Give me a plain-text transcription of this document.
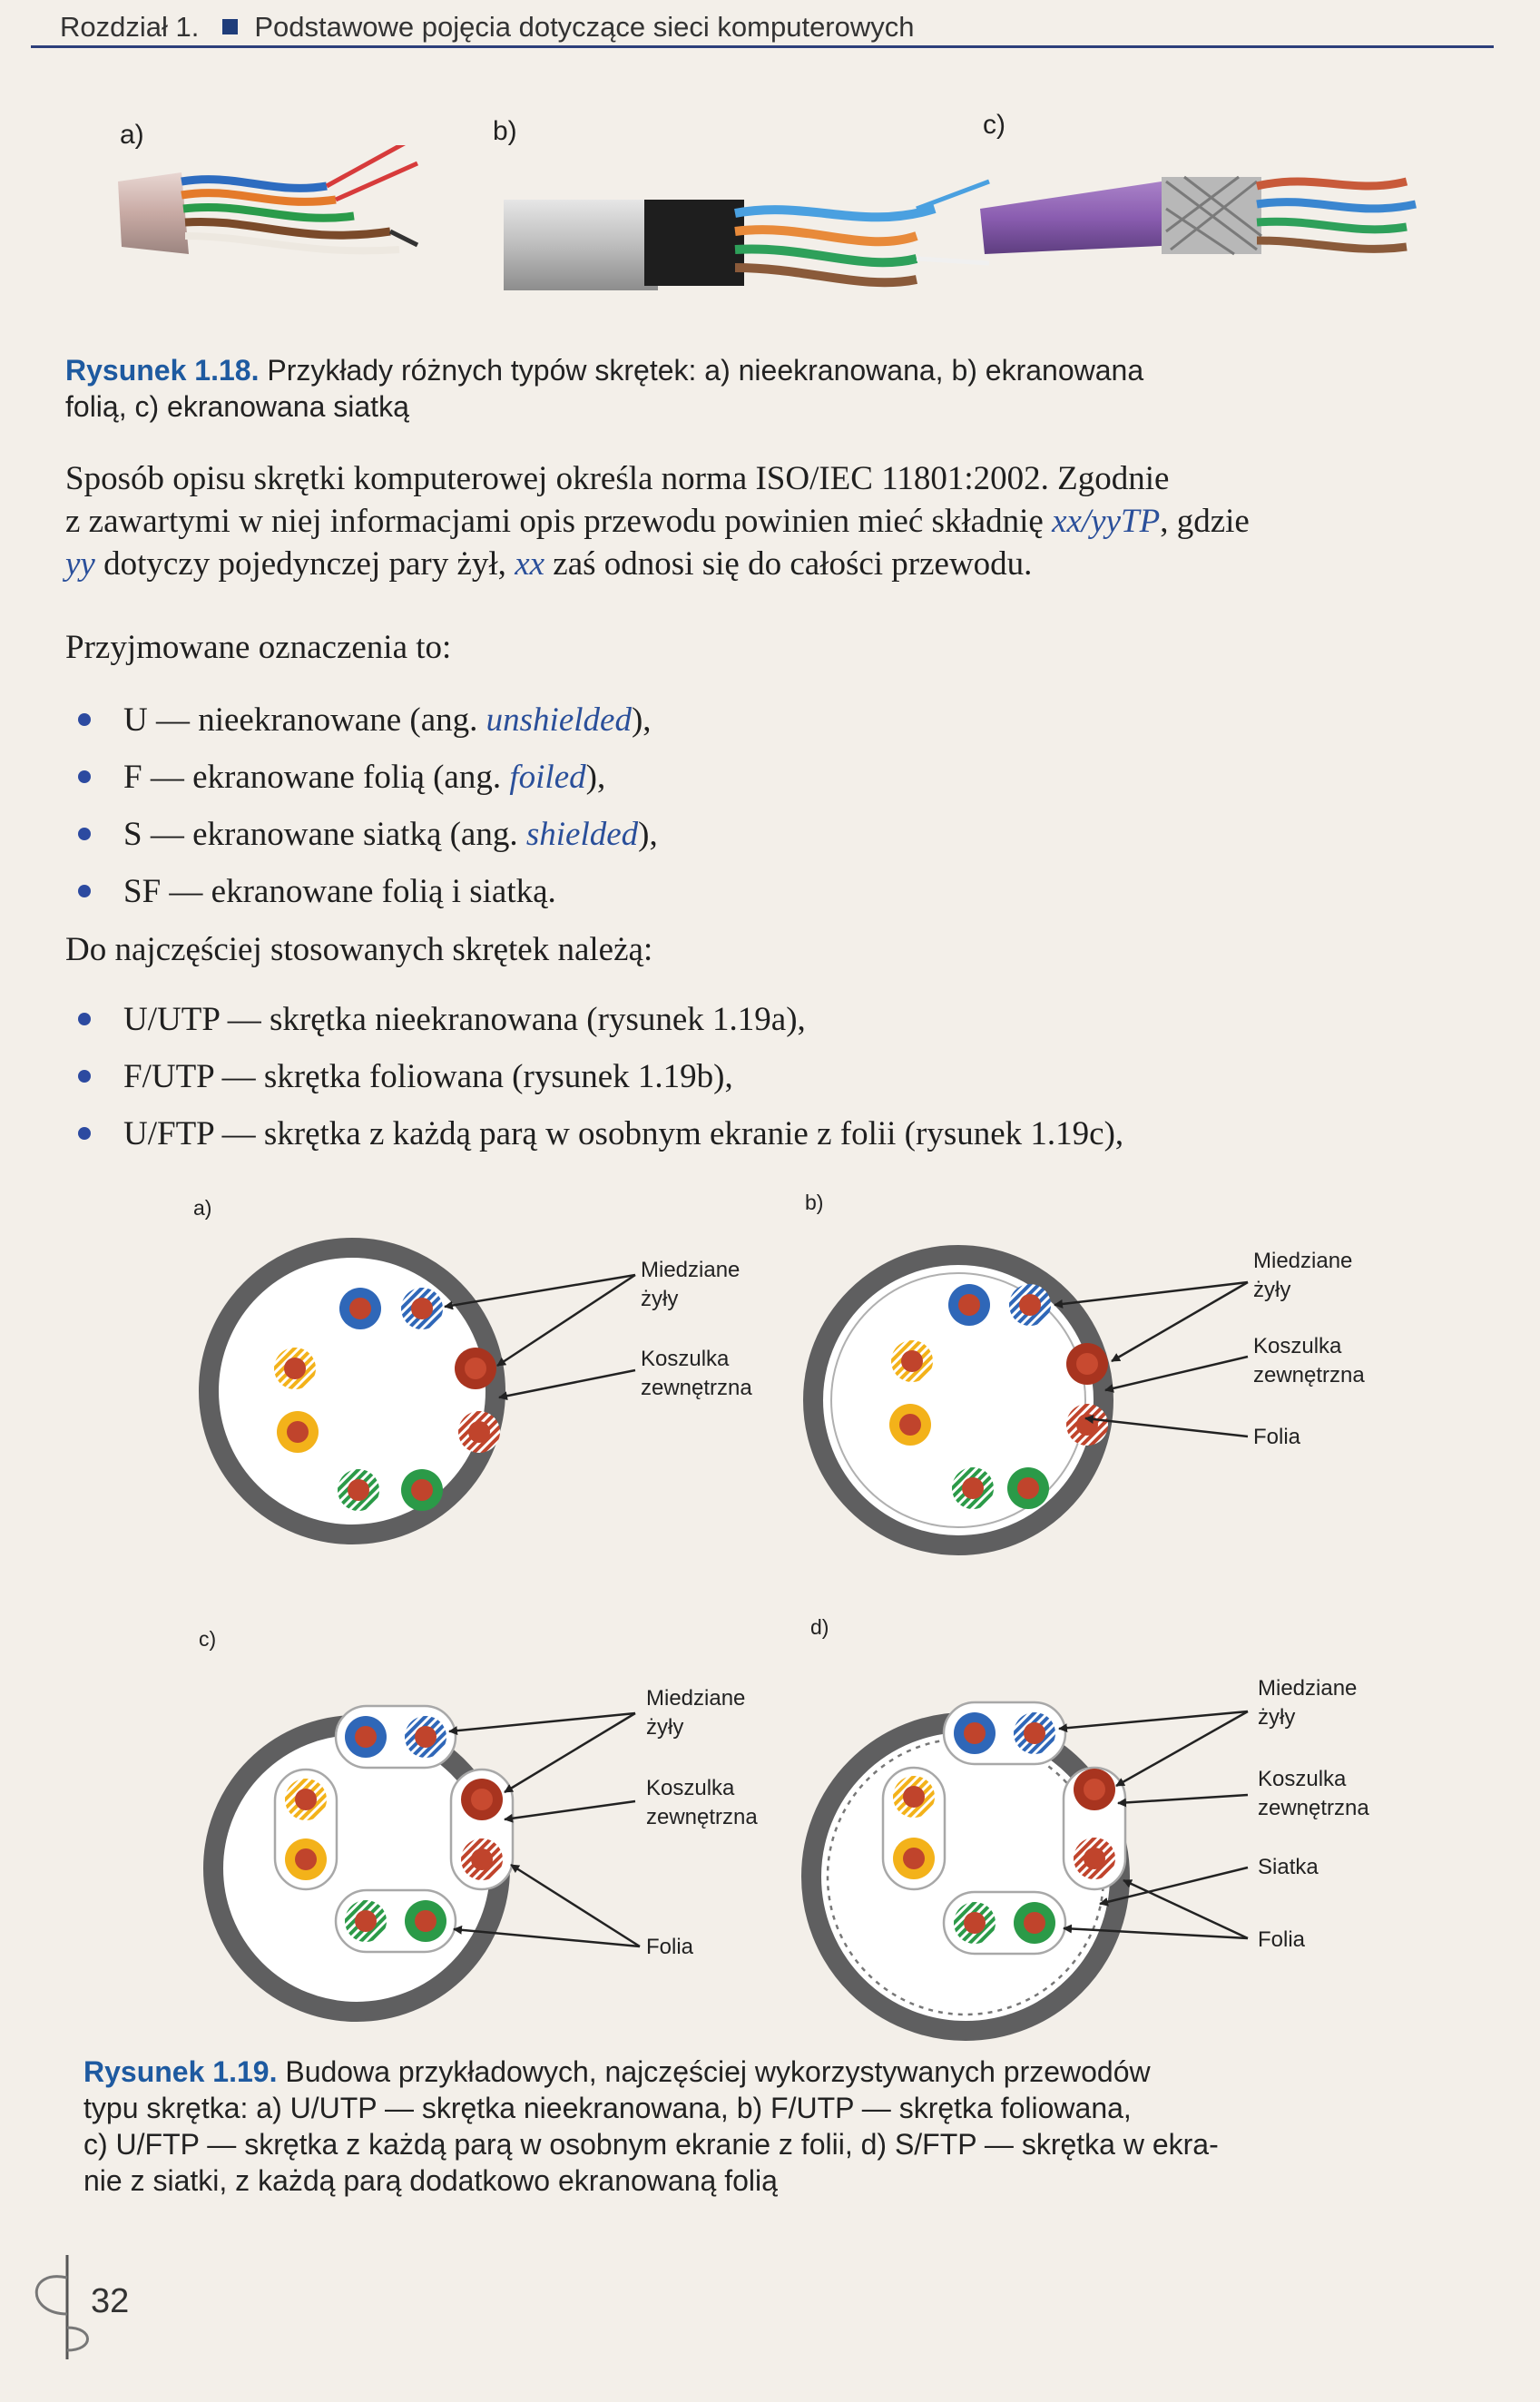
Rozdział 1. Podstawowe pojęcia dotyczące sieci komputerowych
a)	b)	c)
Rysunek 1.18. Przykłady różnych typów skrętek: a) nieekranowana, b) ekranowana
folią, c) ekranowana siatką
Sposób opisu skrętki komputerowej określa norma ISO/IEC 11801:2002. Zgodnie
z zawartymi w niej informacjami opis przewodu powinien mieć składnię xx/yyTP, gdzie
yy dotyczy pojedynczej pary żył, xx zaś odnosi się do całości przewodu.
Przyjmowane oznaczenia to:
U — nieekranowane (ang. unshielded),
F — ekranowane folią (ang. foiled),
S — ekranowane siatką (ang. shielded),
SF — ekranowane folią i siatką.
Do najczęściej stosowanych skrętek należą:
U/UTP — skrętka nieekranowana (rysunek 1.19a),
F/UTP — skrętka foliowana (rysunek 1.19b),
U/FTP — skrętka z każdą parą w osobnym ekranie z folii (rysunek 1.19c),
a)	b)
c)	d)
Miedziane
żyły
Koszulka
zewnętrzna
Miedziane
żyły
Koszulka
zewnętrzna
Folia
Miedziane
żyły
Koszulka
zewnętrzna
Folia
Miedziane
żyły
Koszulka
zewnętrzna
Siatka
Folia
Rysunek 1.19. Budowa przykładowych, najczęściej wykorzystywanych przewodów
typu skrętka: a) U/UTP — skrętka nieekranowana, b) F/UTP — skrętka foliowana,
c) U/FTP — skrętka z każdą parą w osobnym ekranie z folii, d) S/FTP — skrętka w ekra-
nie z siatki, z każdą parą dodatkowo ekranowaną folią
32
